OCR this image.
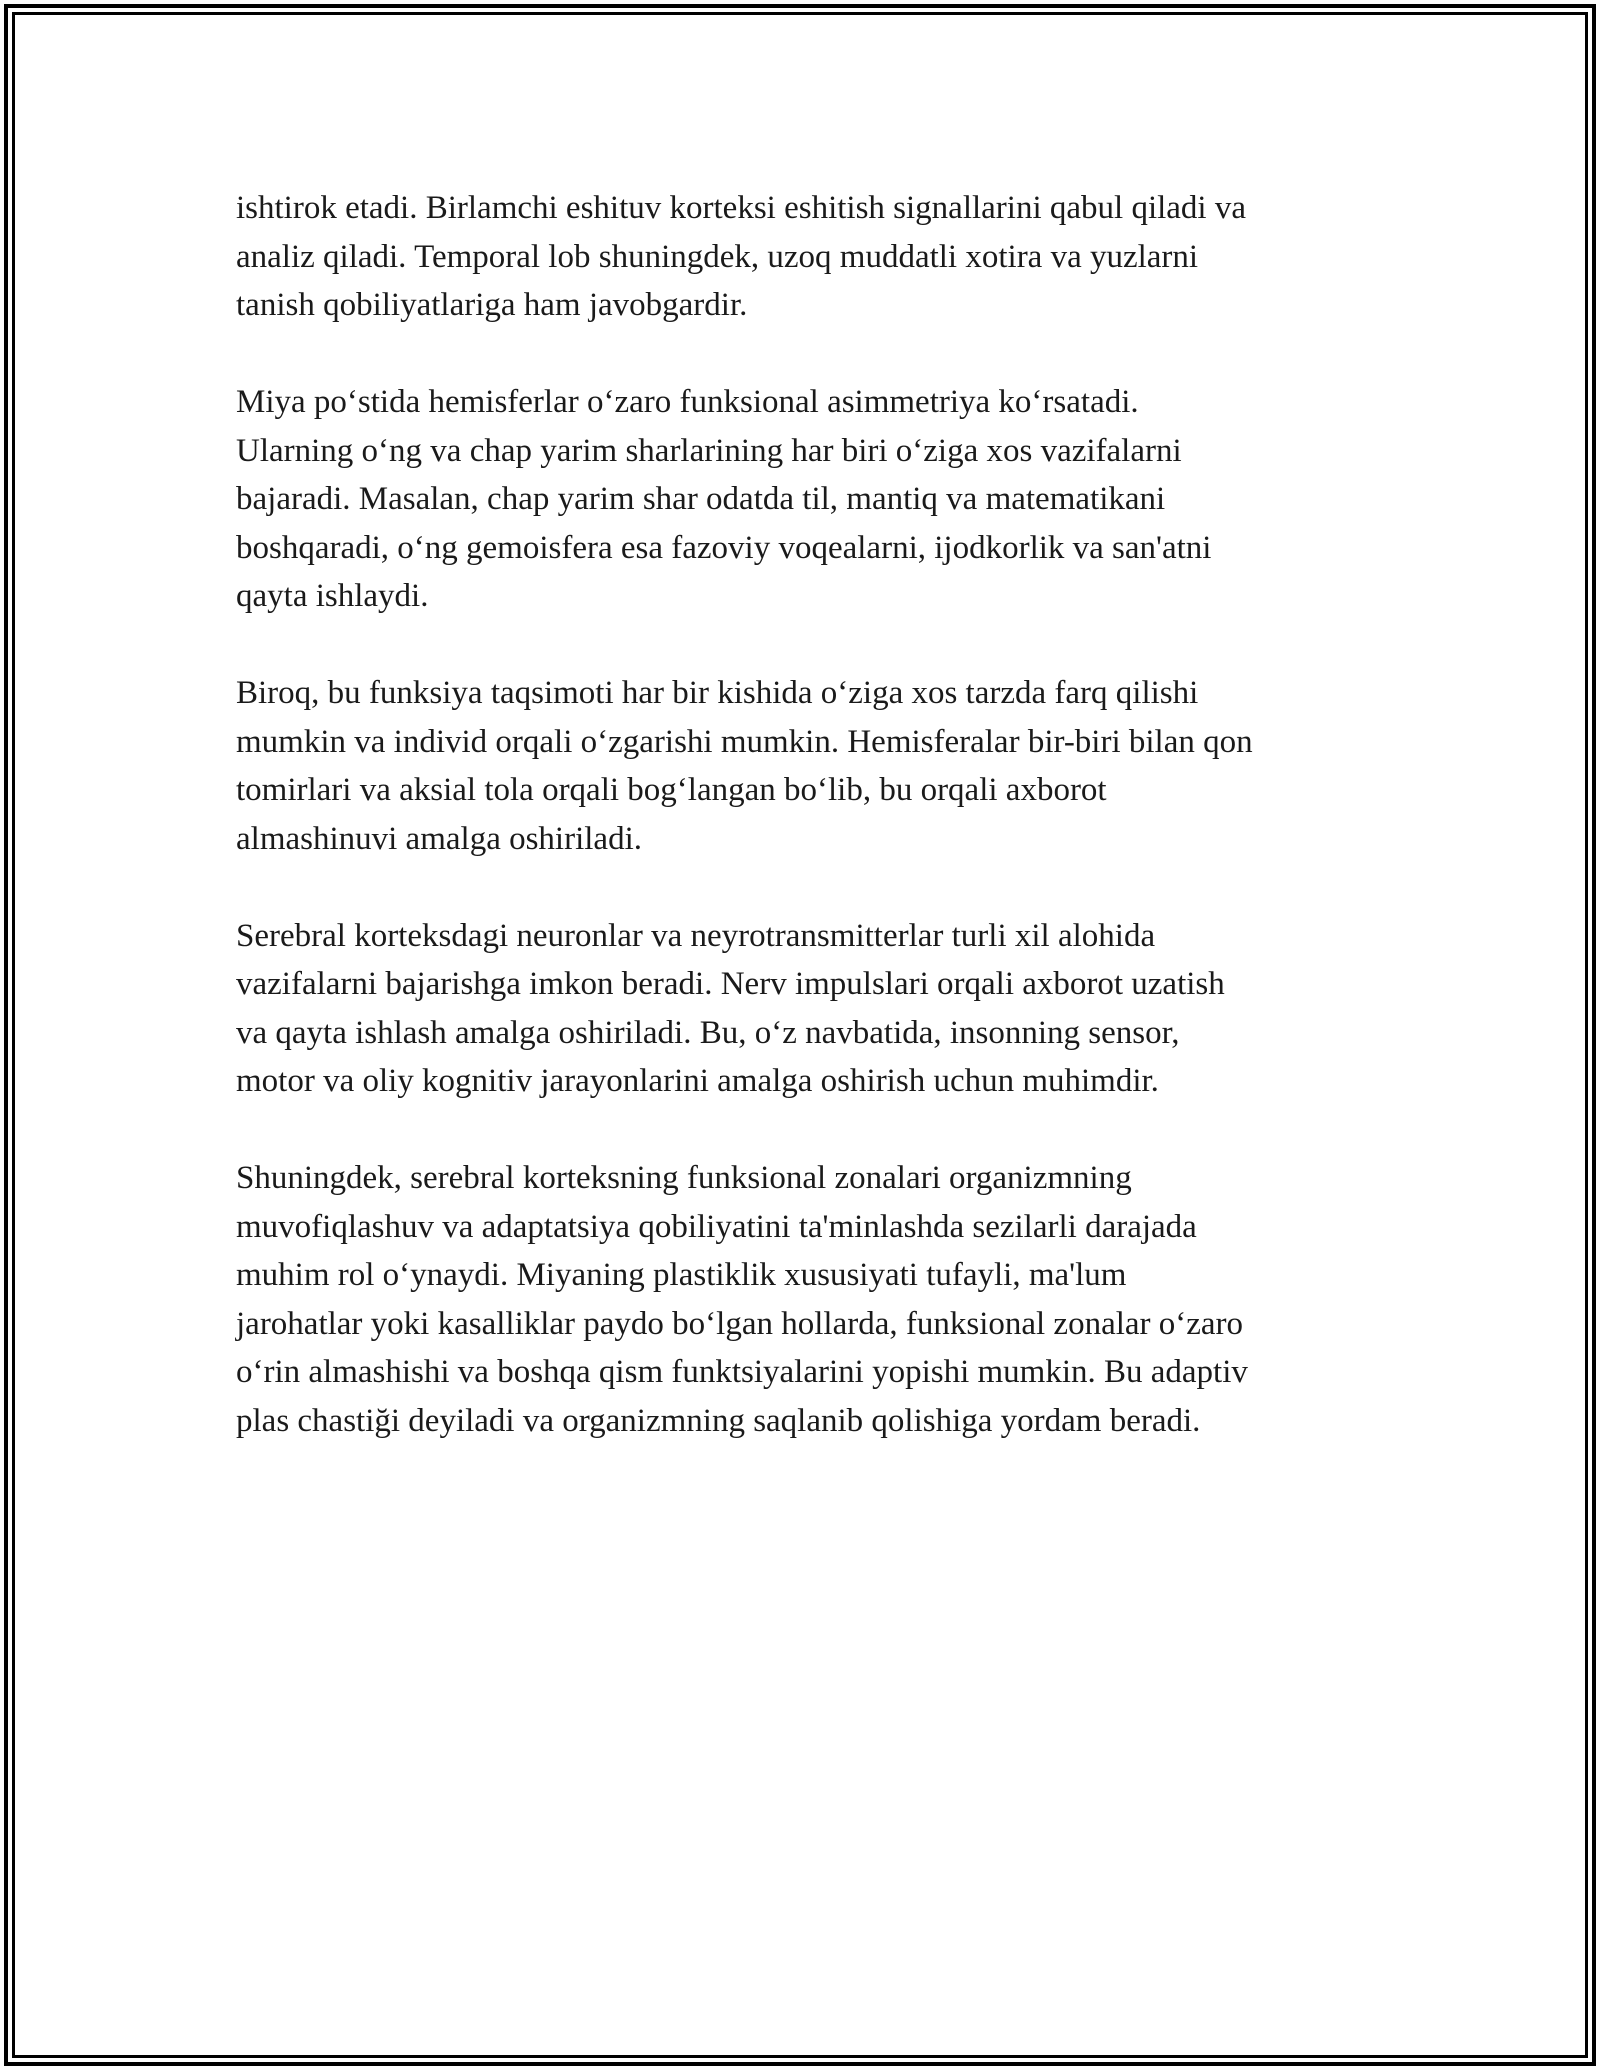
ishtirok etadi. Birlamchi eshituv korteksi eshitish signallarini qabul qiladi va
analiz qiladi. Temporal lob shuningdek, uzoq muddatli xotira va yuzlarni
tanish qobiliyatlariga ham javobgardir.

Miya poʻstida hemisferlar oʻzaro funksional asimmetriya koʻrsatadi.
Ularning oʻng va chap yarim sharlarining har biri oʻziga xos vazifalarni
bajaradi. Masalan, chap yarim shar odatda til, mantiq va matematikani
boshqaradi, oʻng gemoisfera esa fazoviy voqealarni, ijodkorlik va san'atni
qayta ishlaydi.

Biroq, bu funksiya taqsimoti har bir kishida oʻziga xos tarzda farq qilishi
mumkin va individ orqali oʻzgarishi mumkin. Hemisferalar bir-biri bilan qon
tomirlari va aksial tola orqali bogʻlangan boʻlib, bu orqali axborot
almashinuvi amalga oshiriladi.

Serebral korteksdagi neuronlar va neyrotransmitterlar turli xil alohida
vazifalarni bajarishga imkon beradi. Nerv impulslari orqali axborot uzatish
va qayta ishlash amalga oshiriladi. Bu, oʻz navbatida, insonning sensor,
motor va oliy kognitiv jarayonlarini amalga oshirish uchun muhimdir.

Shuningdek, serebral korteksning funksional zonalari organizmning
muvofiqlashuv va adaptatsiya qobiliyatini ta'minlashda sezilarli darajada
muhim rol oʻynaydi. Miyaning plastiklik xususiyati tufayli, ma'lum
jarohatlar yoki kasalliklar paydo boʻlgan hollarda, funksional zonalar oʻzaro
oʻrin almashishi va boshqa qism funktsiyalarini yopishi mumkin. Bu adaptiv
plas chastiği deyiladi va organizmning saqlanib qolishiga yordam beradi.
